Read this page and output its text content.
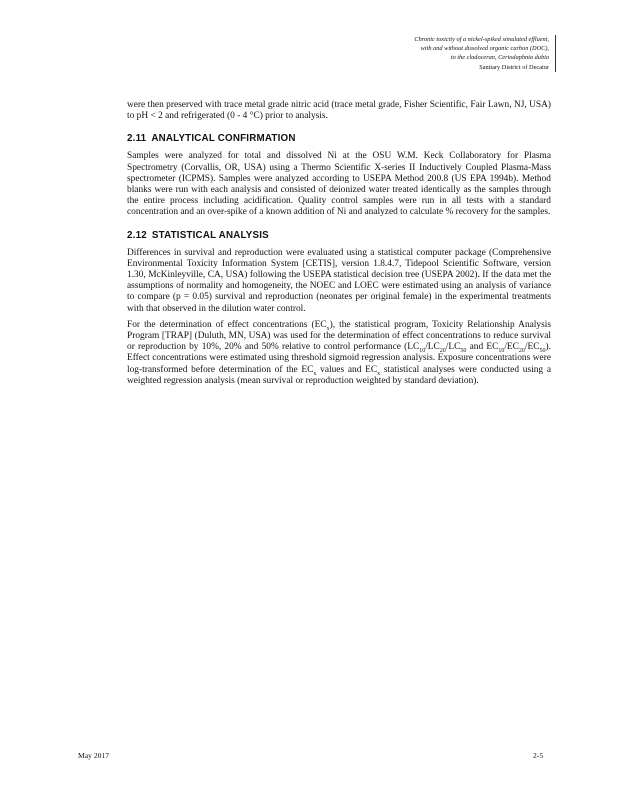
Chronic toxicity of a nickel-spiked simulated effluent,
with and without dissolved organic carbon (DOC),
to the cladoceran, Ceriodaphnia dubia
Sanitary District of Decatur

were then preserved with trace metal grade nitric acid (trace metal grade, Fisher Scientific, Fair Lawn, NJ, USA) to pH < 2 and refrigerated (0 - 4 °C) prior to analysis.

2.11 ANALYTICAL CONFIRMATION

Samples were analyzed for total and dissolved Ni at the OSU W.M. Keck Collaboratory for Plasma Spectrometry (Corvallis, OR, USA) using a Thermo Scientific X-series II Inductively Coupled Plasma-Mass spectrometer (ICPMS). Samples were analyzed according to USEPA Method 200.8 (US EPA 1994b). Method blanks were run with each analysis and consisted of deionized water treated identically as the samples through the entire process including acidification. Quality control samples were run in all tests with a standard concentration and an over-spike of a known addition of Ni and analyzed to calculate % recovery for the samples.

2.12 STATISTICAL ANALYSIS

Differences in survival and reproduction were evaluated using a statistical computer package (Comprehensive Environmental Toxicity Information System [CETIS], version 1.8.4.7, Tidepool Scientific Software, version 1.30, McKinleyville, CA, USA) following the USEPA statistical decision tree (USEPA 2002). If the data met the assumptions of normality and homogeneity, the NOEC and LOEC were estimated using an analysis of variance to compare (p = 0.05) survival and reproduction (neonates per original female) in the experimental treatments with that observed in the dilution water control.

For the determination of effect concentrations $(EC_x)$, the statistical program, Toxicity Relationship Analysis Program [TRAP] (Duluth, MN, USA) was used for the determination of effect concentrations to reduce survival or reproduction by 10%, 20% and 50% relative to control performance ($LC_{10}/LC_{20}/LC_{50}$ and $EC_{10}/EC_{20}/EC_{50}$). Effect concentrations were estimated using threshold sigmoid regression analysis. Exposure concentrations were log-transformed before determination of the $EC_x$ values and $EC_x$ statistical analyses were conducted using a weighted regression analysis (mean survival or reproduction weighted by standard deviation).

May 2017	2-5
